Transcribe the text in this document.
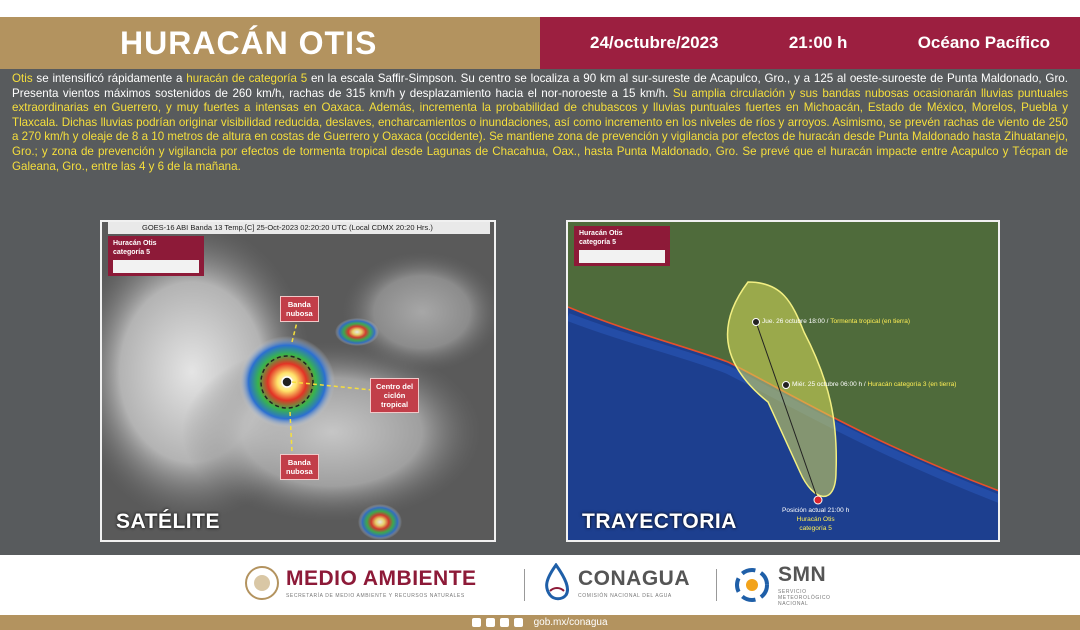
HURACÁN OTIS	24/octubre/2023	21:00 h	Océano Pacífico

Otis se intensificó rápidamente a huracán de categoría 5 en la escala Saffir-Simpson. Su centro se localiza a 90 km al sur-sureste de Acapulco, Gro., y a 125 al oeste-suroeste de Punta Maldonado, Gro. Presenta vientos máximos sostenidos de 260 km/h, rachas de 315 km/h y desplazamiento hacia el nor-noroeste a 15 km/h. Su amplia circulación y sus bandas nubosas ocasionarán lluvias puntuales extraordinarias en Guerrero, y muy fuertes a intensas en Oaxaca. Además, incrementa la probabilidad de chubascos y lluvias puntuales fuertes en Michoacán, Estado de México, Morelos, Puebla y Tlaxcala. Dichas lluvias podrían originar visibilidad reducida, deslaves, encharcamientos o inundaciones, así como incremento en los niveles de ríos y arroyos. Asimismo, se prevén rachas de viento de 250 a 270 km/h y oleaje de 8 a 10 metros de altura en costas de Guerrero y Oaxaca (occidente). Se mantiene zona de prevención y vigilancia por efectos de huracán desde Punta Maldonado hasta Zihuatanejo, Gro.; y zona de prevención y vigilancia por efectos de tormenta tropical desde Lagunas de Chacahua, Oax., hasta Punta Maldonado, Gro. Se prevé que el huracán impacte entre Acapulco y Técpan de Galeana, Gro., entre las 4 y 6 de la mañana.

GOES-16 ABI Banda 13 Temp.[C] 25-Oct-2023 02:20:20 UTC (Local CDMX 20:20 Hrs.)
Huracán Otis
categoría 5

Banda
nubosa
Centro del
ciclón
tropical
Banda
nubosa
SATÉLITE
Huracán Otis
categoría 5

Jue. 26 octubre 18:00 / Tormenta tropical (en tierra)
Miér. 25 octubre 06:00 h / Huracán categoría 3 (en tierra)
Posición actual 21:00 h
Huracán Otis
categoría 5
TRAYECTORIA
MEDIO AMBIENTE
SECRETARÍA DE MEDIO AMBIENTE Y RECURSOS NATURALES
CONAGUA
COMISIÓN NACIONAL DEL AGUA
SMN
SERVICIO METEOROLÓGICO NACIONAL
gob.mx/conagua
